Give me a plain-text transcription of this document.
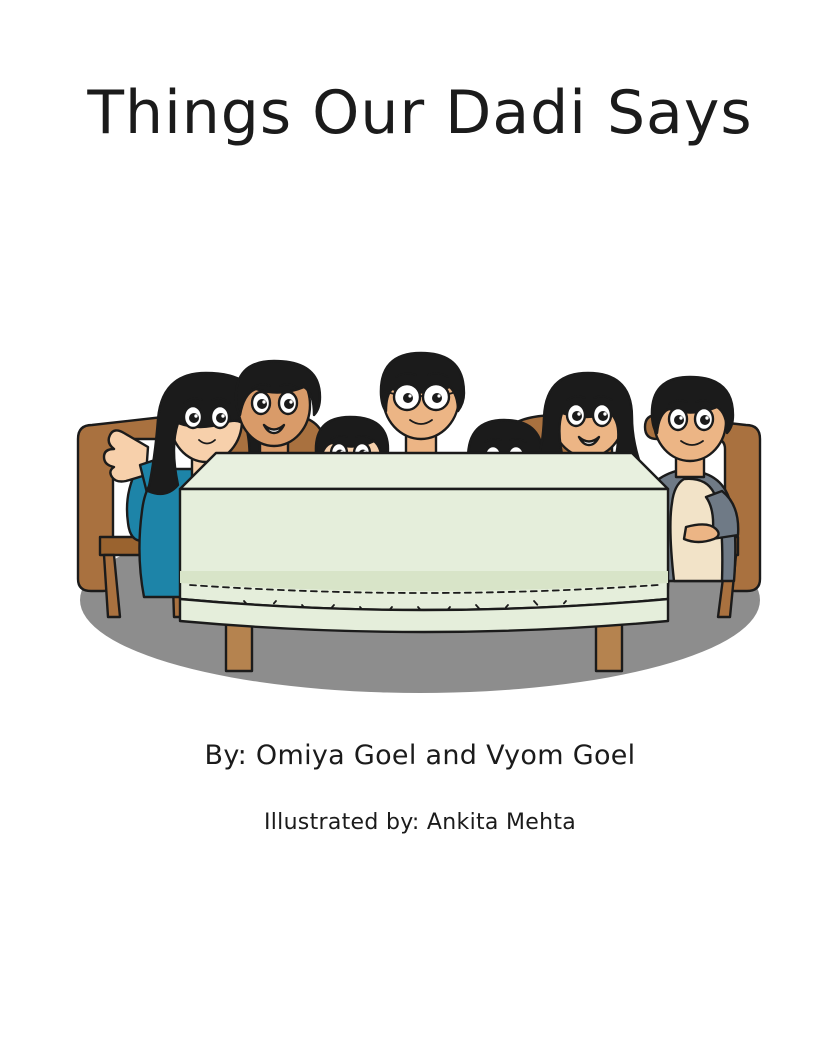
Things Our Dadi Says
By: Omiya Goel and Vyom Goel
Illustrated by: Ankita Mehta
